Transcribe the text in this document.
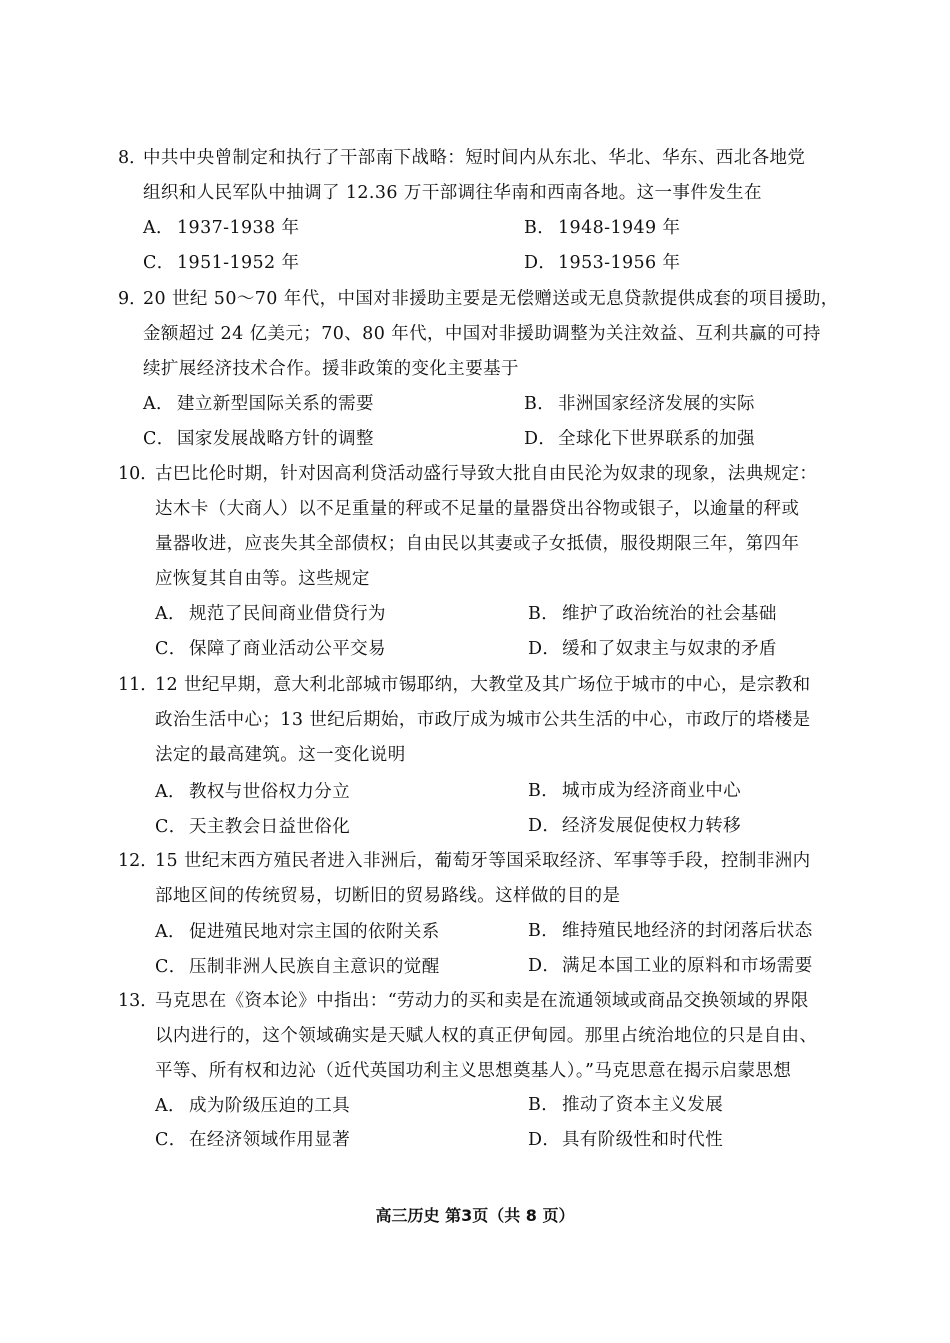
8．
中共中央曾制定和执行了干部南下战略：短时间内从东北、华北、华东、西北各地党
组织和人民军队中抽调了 12.36 万干部调往华南和西南各地。这一事件发生在
A． 1937-1938 年	B． 1948-1949 年
C． 1951-1952 年	D．1953-1956 年
9．
20 世纪 50～70 年代，中国对非援助主要是无偿赠送或无息贷款提供成套的项目援助，
金额超过 24 亿美元；70、80 年代，中国对非援助调整为关注效益、互利共赢的可持
续扩展经济技术合作。援非政策的变化主要基于
A． 建立新型国际关系的需要	B． 非洲国家经济发展的实际
C． 国家发展战略方针的调整	D．全球化下世界联系的加强
10．
古巴比伦时期，针对因高利贷活动盛行导致大批自由民沦为奴隶的现象，法典规定：
达木卡（大商人）以不足重量的秤或不足量的量器贷出谷物或银子，以逾量的秤或
量器收进，应丧失其全部债权；自由民以其妻或子女抵债，服役期限三年，第四年
应恢复其自由等。这些规定
A． 规范了民间商业借贷行为	B． 维护了政治统治的社会基础
C． 保障了商业活动公平交易	D．缓和了奴隶主与奴隶的矛盾
11．
12 世纪早期，意大利北部城市锡耶纳，大教堂及其广场位于城市的中心，是宗教和
政治生活中心；13 世纪后期始，市政厅成为城市公共生活的中心，市政厅的塔楼是
法定的最高建筑。这一变化说明
A． 教权与世俗权力分立	B． 城市成为经济商业中心
C． 天主教会日益世俗化	D．经济发展促使权力转移
12．
15 世纪末西方殖民者进入非洲后，葡萄牙等国采取经济、军事等手段，控制非洲内
部地区间的传统贸易，切断旧的贸易路线。这样做的目的是
A． 促进殖民地对宗主国的依附关系	B． 维持殖民地经济的封闭落后状态
C． 压制非洲人民族自主意识的觉醒	D．满足本国工业的原料和市场需要
13．
马克思在《资本论》中指出：“劳动力的买和卖是在流通领域或商品交换领域的界限
以内进行的，这个领域确实是天赋人权的真正伊甸园。那里占统治地位的只是自由、
平等、所有权和边沁（近代英国功利主义思想奠基人）。”马克思意在揭示启蒙思想
A． 成为阶级压迫的工具	B． 推动了资本主义发展
C． 在经济领域作用显著	D．具有阶级性和时代性
高三历史 第3页（共 8 页）
